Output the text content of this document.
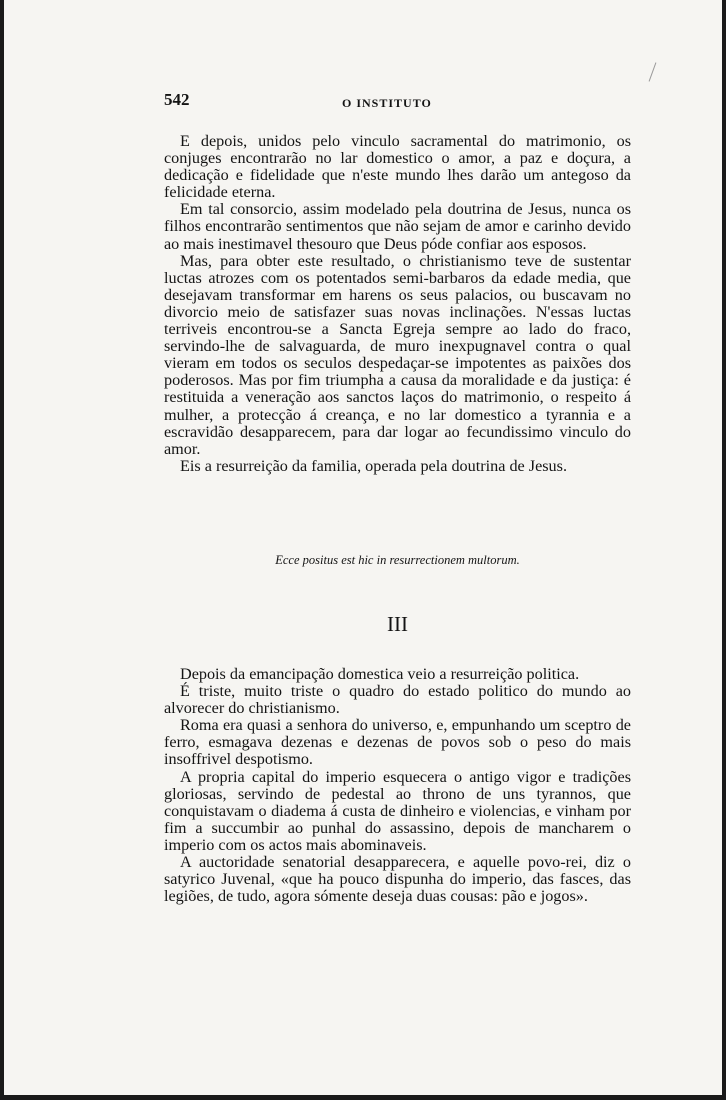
542	O INSTITUTO

E depois, unidos pelo vinculo sacramental do matrimonio, os conjuges encontrarão no lar domestico o amor, a paz e doçura, a dedicação e fidelidade que n'este mundo lhes darão um antegoso da felicidade eterna.

Em tal consorcio, assim modelado pela doutrina de Jesus, nunca os filhos encontrarão sentimentos que não sejam de amor e carinho devido ao mais inestimavel thesouro que Deus póde confiar aos esposos.

Mas, para obter este resultado, o christianismo teve de sustentar luctas atrozes com os potentados semi-barbaros da edade media, que desejavam transformar em harens os seus palacios, ou buscavam no divorcio meio de satisfazer suas novas inclinações. N'essas luctas terriveis encontrou-se a Sancta Egreja sempre ao lado do fraco, servindo-lhe de salvaguarda, de muro inexpugnavel contra o qual vieram em todos os seculos despedaçar-se impotentes as paixões dos poderosos. Mas por fim triumpha a causa da moralidade e da justiça: é restituida a veneração aos sanctos laços do matrimonio, o respeito á mulher, a protecção á creança, e no lar domestico a tyrannia e a escravidão desapparecem, para dar logar ao fecundissimo vinculo do amor.

Eis a resurreição da familia, operada pela doutrina de Jesus.

Ecce positus est hic in resurrectionem multorum.
III

Depois da emancipação domestica veio a resurreição politica.

É triste, muito triste o quadro do estado politico do mundo ao alvorecer do christianismo.

Roma era quasi a senhora do universo, e, empunhando um sceptro de ferro, esmagava dezenas e dezenas de povos sob o peso do mais insoffrivel despotismo.

A propria capital do imperio esquecera o antigo vigor e tradições gloriosas, servindo de pedestal ao throno de uns tyrannos, que conquistavam o diadema á custa de dinheiro e violencias, e vinham por fim a succumbir ao punhal do assassino, depois de mancharem o imperio com os actos mais abominaveis.

A auctoridade senatorial desapparecera, e aquelle povo-rei, diz o satyrico Juvenal, «que ha pouco dispunha do imperio, das fasces, das legiões, de tudo, agora sómente deseja duas cousas: pão e jogos».
